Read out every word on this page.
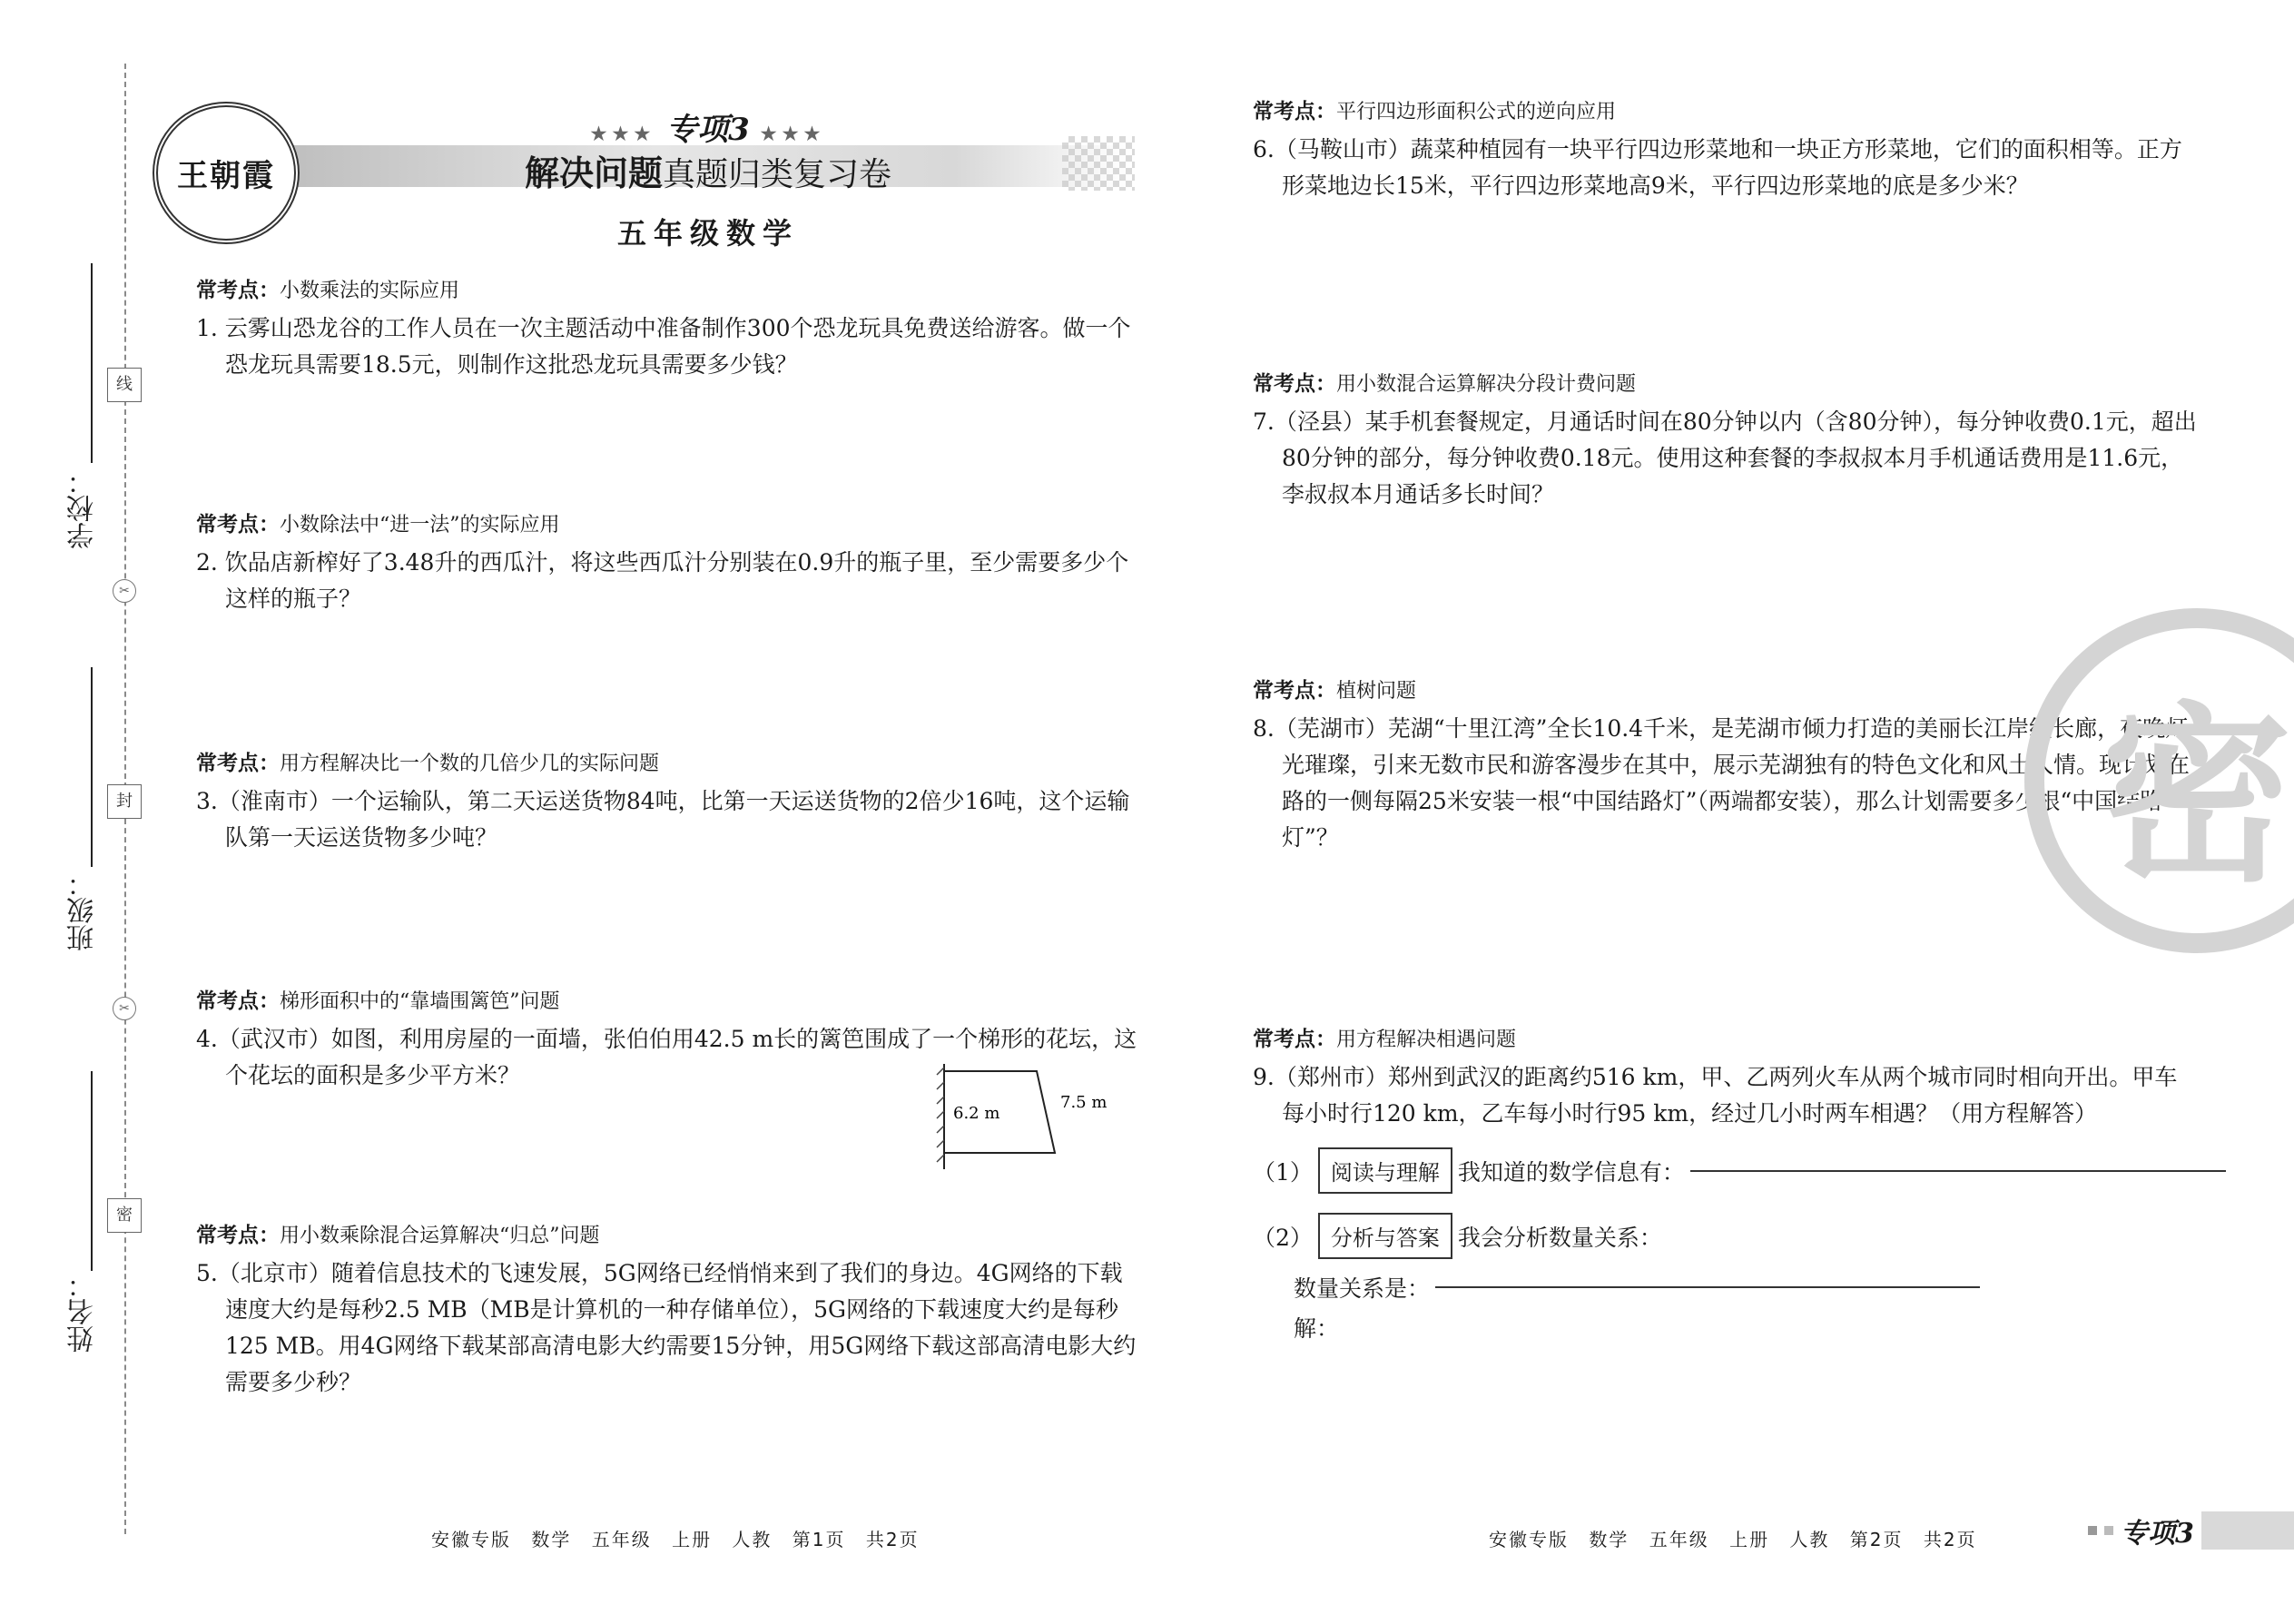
线
✂
封
✂
密
学校：
班级：
姓名：
王朝霞
★★★ 专项3 ★★★
解决问题真题归类复习卷
五年级数学
常考点：小数乘法的实际应用
1. 云雾山恐龙谷的工作人员在一次主题活动中准备制作300个恐龙玩具免费送给游客。做一个恐龙玩具需要18.5元，则制作这批恐龙玩具需要多少钱？
常考点：小数除法中“进一法”的实际应用
2. 饮品店新榨好了3.48升的西瓜汁，将这些西瓜汁分别装在0.9升的瓶子里，至少需要多少个这样的瓶子？
常考点：用方程解决比一个数的几倍少几的实际问题
3.（淮南市）一个运输队，第二天运送货物84吨，比第一天运送货物的2倍少16吨，这个运输队第一天运送货物多少吨？
常考点：梯形面积中的“靠墙围篱笆”问题
4.（武汉市）如图，利用房屋的一面墙，张伯伯用42.5 m长的篱笆围成了一个梯形的花坛，这个花坛的面积是多少平方米？
6.2 m
7.5 m
常考点：用小数乘除混合运算解决“归总”问题
5.（北京市）随着信息技术的飞速发展，5G网络已经悄悄来到了我们的身边。4G网络的下载速度大约是每秒2.5 MB（MB是计算机的一种存储单位），5G网络的下载速度大约是每秒125 MB。用4G网络下载某部高清电影大约需要15分钟，用5G网络下载这部高清电影大约需要多少秒？
常考点：平行四边形面积公式的逆向应用
6.（马鞍山市）蔬菜种植园有一块平行四边形菜地和一块正方形菜地，它们的面积相等。正方形菜地边长15米，平行四边形菜地高9米，平行四边形菜地的底是多少米？
常考点：用小数混合运算解决分段计费问题
7.（泾县）某手机套餐规定，月通话时间在80分钟以内（含80分钟），每分钟收费0.1元，超出80分钟的部分，每分钟收费0.18元。使用这种套餐的李叔叔本月手机通话费用是11.6元，李叔叔本月通话多长时间？
常考点：植树问题
8.（芜湖市）芜湖“十里江湾”全长10.4千米，是芜湖市倾力打造的美丽长江岸线长廊，夜晚灯光璀璨，引来无数市民和游客漫步在其中，展示芜湖独有的特色文化和风土人情。现计划在路的一侧每隔25米安装一根“中国结路灯”（两端都安装），那么计划需要多少根“中国结路灯”？
常考点：用方程解决相遇问题
9.（郑州市）郑州到武汉的距离约516 km，甲、乙两列火车从两个城市同时相向开出。甲车每小时行120 km，乙车每小时行95 km，经过几小时两车相遇？（用方程解答）
（1） 阅读与理解 我知道的数学信息有：
（2） 分析与答案 我会分析数量关系：
数量关系是：
解：
密
安徽专版 数学 五年级 上册 人教 第1页 共2页	安徽专版 数学 五年级 上册 人教 第2页 共2页	专项3
